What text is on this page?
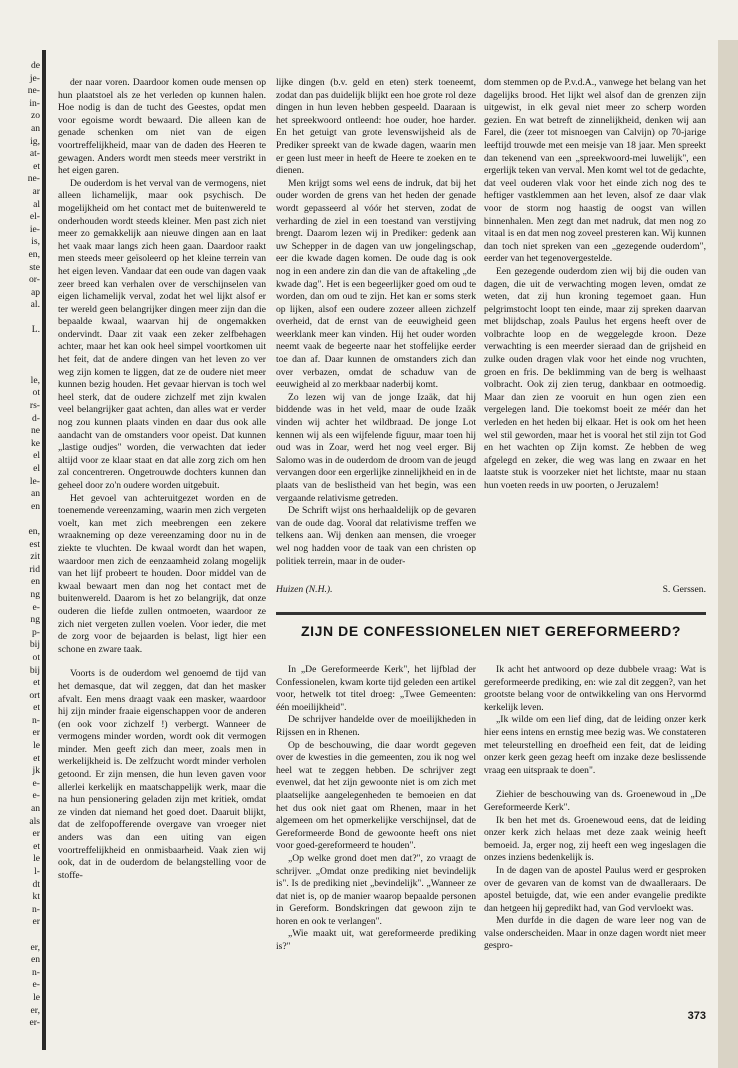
de
je-
ne-
in-
zo
an
ig,
at-
et
ne-
ar
al
el-
ie-
is,
en,
ste
or-
ap
al.
L.
le,
ot
rs-
d-
ne
ke
el
el
le-
an
en
en,
est
zit
rid
en
ng
e-
ng
p-
bij
ot
bij
et
ort
et
n-
er
le
et
jk
e-
e-
an
als
er
et
le
l-
dt
kt
n-
er
er,
en
n-
e-
le
er,
er-

der naar voren. Daardoor komen oude mensen op hun plaatstoel als ze het verleden op kunnen halen. Hoe nodig is dan de tucht des Geestes, opdat men voor egoisme wordt bewaard. Die alleen kan de genade schenken om niet van de eigen voortreffelijkheid, maar van de daden des Heeren te gewagen. Anders wordt men steeds meer verstrikt in het eigen garen.

De ouderdom is het verval van de vermogens, niet alleen lichamelijk, maar ook psychisch. De mogelijkheid om het contact met de buitenwereld te onderhouden wordt steeds kleiner. Men past zich niet meer zo gemakkelijk aan nieuwe dingen aan en laat het vaak maar langs zich heen gaan. Daardoor raakt men steeds meer geïsoleerd op het kleine terrein van het eigen leven. Vandaar dat een oude van dagen vaak zeer breed kan verhalen over de verschijnselen van eigen lichamelijk verval, zodat het wel lijkt alsof er ter wereld geen belangrijker dingen meer zijn dan die bepaalde kwaal, waarvan hij de ongemakken ondervindt. Daar zit vaak een zeker zelfbehagen achter, maar het kan ook heel simpel voortkomen uit het feit, dat de andere dingen van het leven zo ver weg zijn komen te liggen, dat ze de oudere niet meer kunnen bezig houden. Het gevaar hiervan is toch wel heel sterk, dat de oudere zichzelf met zijn kwalen veel belangrijker gaat achten, dan alles wat er verder nog zou kunnen plaats vinden en daar dus ook alle aandacht van de omstanders voor opeist. Dat kunnen „lastige oudjes" worden, die verwachten dat ieder altijd voor ze klaar staat en dat alle zorg zich om hen zal concentreren. Ongetrouwde dochters kunnen dan geheel door zo'n oudere worden uitgebuit.

Het gevoel van achteruitgezet worden en de toenemende vereenzaming, waarin men zich vergeten voelt, kan met zich meebrengen een zekere wraakneming op deze vereenzaming door nu in de ziekte te vluchten. De kwaal wordt dan het wapen, waardoor men zich de eenzaamheid zolang mogelijk van het lijf probeert te houden. Door middel van de kwaal bewaart men dan nog het contact met de buitenwereld. Daarom is het zo belangrijk, dat onze ouderen die liefde zullen ontmoeten, waardoor ze zich niet vergeten zullen voelen. Voor ieder, die met de zorg voor de bejaarden is belast, ligt hier een schone en zware taak.

Voorts is de ouderdom wel genoemd de tijd van het demasque, dat wil zeggen, dat dan het masker afvalt. Een mens draagt vaak een masker, waardoor hij zijn minder fraaie eigenschappen voor de anderen (en ook voor zichzelf !) verbergt. Wanneer de vermogens minder worden, wordt ook dit vermogen minder. Men geeft zich dan meer, zoals men in werkelijkheid is. De zelfzucht wordt minder verholen getoond. Er zijn mensen, die hun leven gaven voor allerlei kerkelijk en maatschappelijk werk, maar die na hun pensionering geladen zijn met kritiek, omdat ze vinden dat niemand het goed doet. Daaruit blijkt, dat de zelfopofferende overgave van vroeger niet anders was dan een uiting van eigen voortreffelijkheid en onmisbaarheid. Vaak zien wij ook, dat in de ouderdom de belangstelling voor de stoffe-

lijke dingen (b.v. geld en eten) sterk toeneemt, zodat dan pas duidelijk blijkt een hoe grote rol deze dingen in hun leven hebben gespeeld. Daaraan is het spreekwoord ontleend: hoe ouder, hoe harder. En het getuigt van grote levenswijsheid als de Prediker spreekt van de kwade dagen, waarin men er geen lust meer in heeft de Heere te zoeken en te dienen.

Men krijgt soms wel eens de indruk, dat bij het ouder worden de grens van het heden der genade wordt gepasseerd al vóór het sterven, zodat de verharding de ziel in een toestand van verstijving brengt. Daarom lezen wij in Prediker: gedenk aan uw Schepper in de dagen van uw jongelingschap, eer die kwade dagen komen. De oude dag is ook nog in een andere zin dan die van de aftakeling „de kwade dag". Het is een begeerlijker goed om oud te worden, dan om oud te zijn. Het kan er soms sterk op lijken, alsof een oudere zozeer alleen zichzelf overheid, dat de ernst van de eeuwigheid geen weerklank meer kan vinden. Hij het ouder worden neemt vaak de begeerte naar het stoffelijke eerder toe dan af. Daar kunnen de omstanders zich dan over verbazen, omdat de schaduw van de eeuwigheid al zo merkbaar naderbij komt.

Zo lezen wij van de jonge Izaäk, dat hij biddende was in het veld, maar de oude Izaäk vinden wij achter het wildbraad. De jonge Lot kennen wij als een wijfelende figuur, maar toen hij oud was in Zoar, werd het nog veel erger. Bij Salomo was in de ouderdom de droom van de jeugd vervangen door een ergerlijke zinnelijkheid en in de plaats van de beslistheid van het begin, was een vergaande relativisme getreden.

De Schrift wijst ons herhaaldelijk op de gevaren van de oude dag. Vooral dat relativisme treffen we telkens aan. Wij denken aan mensen, die vroeger wel nog hadden voor de taak van een christen op politiek terrein, maar in de ouder-

dom stemmen op de P.v.d.A., vanwege het belang van het dagelijks brood. Het lijkt wel alsof dan de grenzen zijn uitgewist, in elk geval niet meer zo scherp worden gezien. En wat betreft de zinnelijkheid, denken wij aan Farel, die (zeer tot misnoegen van Calvijn) op 70-jarige leeftijd trouwde met een meisje van 18 jaar. Men spreekt dan tekenend van een „spreekwoord-mei luwelijk", een ergerlijk teken van verval. Men komt wel tot de gedachte, dat veel ouderen vlak voor het einde zich nog des te heftiger vastklemmen aan het leven, alsof ze daar vlak voor de storm nog haastig de oogst van willen binnenhalen. Men zegt dan met nadruk, dat men nog zo vitaal is en dat men nog zoveel presteren kan. Wij kunnen dan toch niet spreken van een „gezegende ouderdom", eerder van het tegenovergestelde.

Een gezegende ouderdom zien wij bij die ouden van dagen, die uit de verwachting mogen leven, omdat ze weten, dat zij hun kroning tegemoet gaan. Hun pelgrimstocht loopt ten einde, maar zij spreken daarvan met blijdschap, zoals Paulus het ergens heeft over de volbrachte loop en de weggelegde kroon. Deze verwachting is een meerder sieraad dan de grijsheid en zulke ouden dragen vlak voor het einde nog vruchten, groen en fris. De beklimming van de berg is welhaast volbracht. Ook zij zien terug, dankbaar en ootmoedig. Maar dan zien ze vooruit en hun ogen zien een vergelegen land. Die toekomst boeit ze méér dan het verleden en het heden bij elkaar. Het is ook om het heen wel stil geworden, maar het is vooral het stil zijn tot God en het wachten op Zijn komst. Ze hebben de weg afgelegd en zeker, die weg was lang en zwaar en het laatste stuk is voorzeker niet het lichtste, maar nu staan hun voeten reeds in uw poorten, o Jeruzalem!

Huizen (N.H.).	S. Gerssen.
ZIJN DE CONFESSIONELEN NIET GEREFORMEERD?

In „De Gereformeerde Kerk", het lijfblad der Confessionelen, kwam korte tijd geleden een artikel voor, hetwelk tot titel droeg: „Twee Gemeenten: één moeilijkheid".

De schrijver handelde over de moeilijkheden in Rijssen en in Rhenen.

Op de beschouwing, die daar wordt gegeven over de kwesties in die gemeenten, zou ik nog wel heel wat te zeggen hebben. De schrijver zegt evenwel, dat het zijn gewoonte niet is om zich met plaatselijke aangelegenheden te bemoeien en dat het dus ook niet gaat om Rhenen, maar in het algemeen om het opmerkelijke verschijnsel, dat de Gereformeerde Bond de gewoonte heeft ons niet voor goed-gereformeerd te houden".

„Op welke grond doet men dat?", zo vraagt de schrijver. „Omdat onze prediking niet bevindelijk is". Is de prediking niet „bevindelijk". „Wanneer ze dat niet is, op de manier waarop bepaalde personen in Gereform. Bondskringen dat gewoon zijn te horen en ook te verlangen".

„Wie maakt uit, wat gereformeerde prediking is?"

Ik acht het antwoord op deze dubbele vraag: Wat is gereformeerde prediking, en: wie zal dit zeggen?, van het grootste belang voor de ontwikkeling van ons Hervormd kerkelijk leven.

„Ik wilde om een lief ding, dat de leiding onzer kerk hier eens intens en ernstig mee bezig was. We constateren met teleurstelling en droefheid een feit, dat de leiding onzer kerk geen gezag heeft om inzake deze beslissende vraag een uitspraak te doen".

Ziehier de beschouwing van ds. Groenewoud in „De Gereformeerde Kerk".

Ik ben het met ds. Groenewoud eens, dat de leiding onzer kerk zich helaas met deze zaak weinig heeft bemoeid. Ja, erger nog, zij heeft een weg ingeslagen die onzes inziens bedenkelijk is.

In de dagen van de apostel Paulus werd er gesproken over de gevaren van de komst van de dwaalleraars. De apostel betuigde, dat, wie een ander evangelie predikte dan hetgeen hij gepredikt had, van God vervloekt was.

Men durfde in die dagen de ware leer nog van de valse onderscheiden. Maar in onze dagen wordt niet meer gespro-

373
